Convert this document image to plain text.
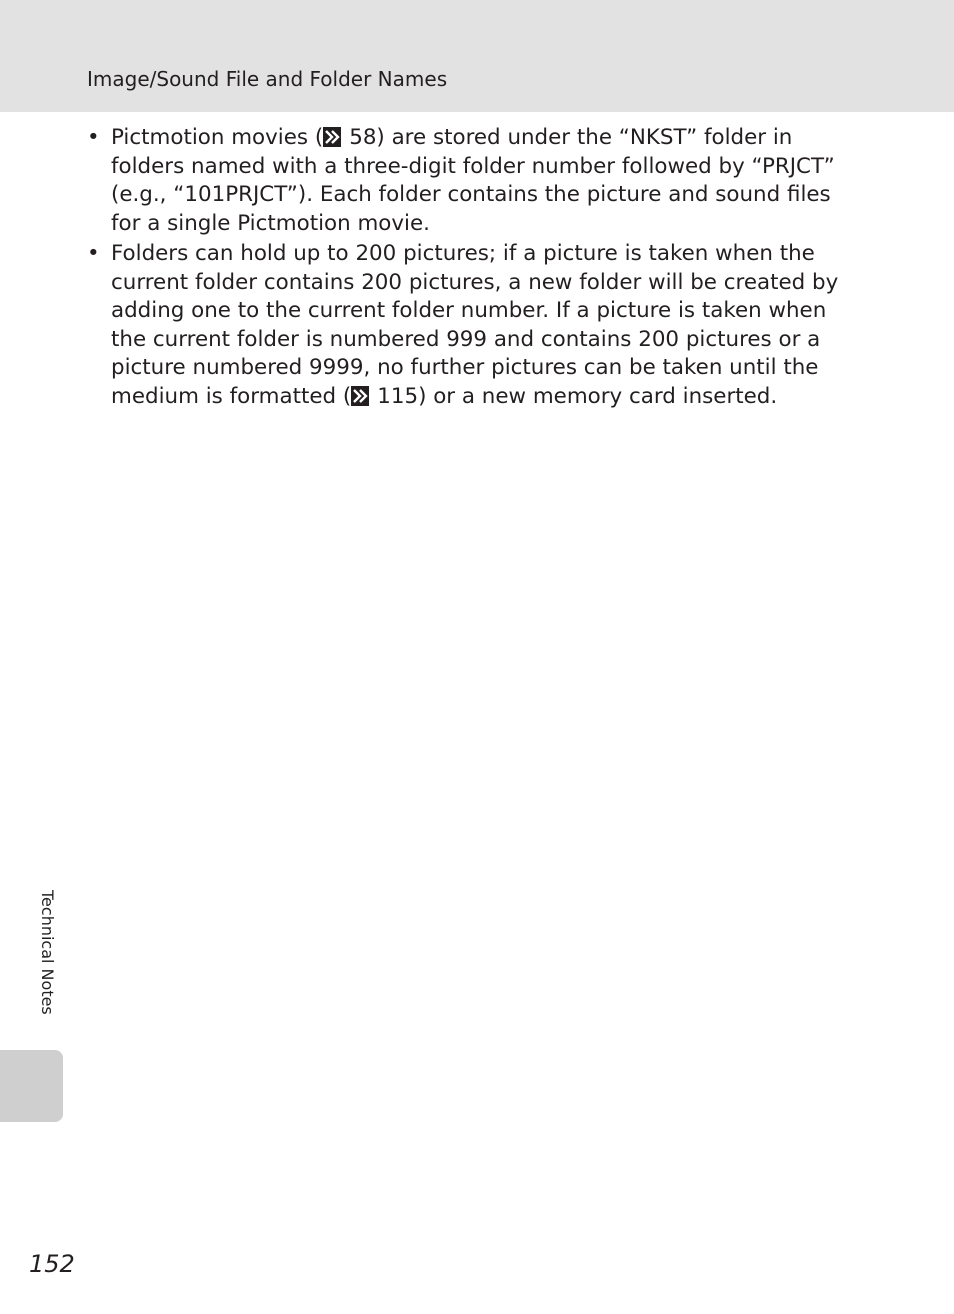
Image/Sound File and Folder Names
• Pictmotion movies ( 58) are stored under the “NKST” folder in folders named with a three-digit folder number followed by “PRJCT” (e.g., “101PRJCT”). Each folder contains the picture and sound files for a single Pictmotion movie.
• Folders can hold up to 200 pictures; if a picture is taken when the current folder contains 200 pictures, a new folder will be created by adding one to the current folder number. If a picture is taken when the current folder is numbered 999 and contains 200 pictures or a picture numbered 9999, no further pictures can be taken until the medium is formatted ( 115) or a new memory card inserted.
Technical Notes
152
